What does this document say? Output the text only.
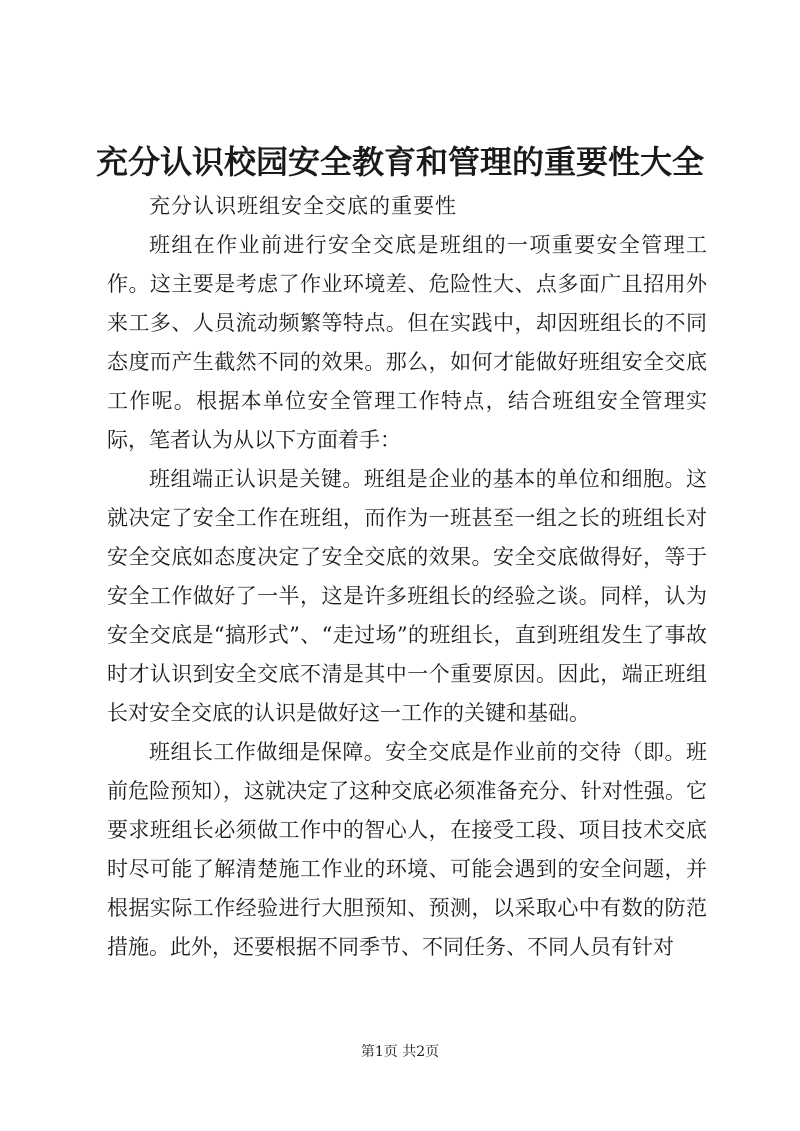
充分认识校园安全教育和管理的重要性大全

充分认识班组安全交底的重要性

班组在作业前进行安全交底是班组的一项重要安全管理工作。这主要是考虑了作业环境差、危险性大、点多面广且招用外来工多、人员流动频繁等特点。但在实践中，却因班组长的不同态度而产生截然不同的效果。那么，如何才能做好班组安全交底工作呢。根据本单位安全管理工作特点，结合班组安全管理实际，笔者认为从以下方面着手：

班组端正认识是关键。班组是企业的基本的单位和细胞。这就决定了安全工作在班组，而作为一班甚至一组之长的班组长对安全交底如态度决定了安全交底的效果。安全交底做得好，等于安全工作做好了一半，这是许多班组长的经验之谈。同样，认为安全交底是“搞形式”、“走过场”的班组长，直到班组发生了事故时才认识到安全交底不清是其中一个重要原因。因此，端正班组长对安全交底的认识是做好这一工作的关键和基础。

班组长工作做细是保障。安全交底是作业前的交待（即。班前危险预知），这就决定了这种交底必须准备充分、针对性强。它要求班组长必须做工作中的智心人，在接受工段、项目技术交底时尽可能了解清楚施工作业的环境、可能会遇到的安全问题，并根据实际工作经验进行大胆预知、预测，以采取心中有数的防范措施。此外，还要根据不同季节、不同任务、不同人员有针对

第1页 共2页
